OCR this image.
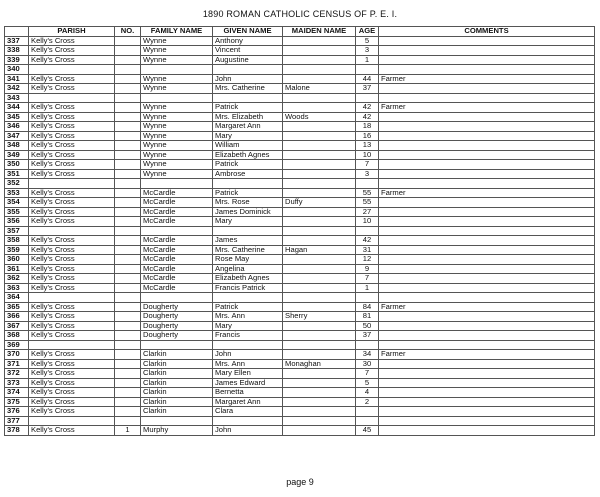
1890 ROMAN CATHOLIC CENSUS OF P. E. I.
	PARISH	NO.	FAMILY NAME	GIVEN NAME	MAIDEN NAME	AGE	COMMENTS
337	Kelly's Cross		Wynne	Anthony		5	
338	Kelly's Cross		Wynne	Vincent		3	
339	Kelly's Cross		Wynne	Augustine		1	
340							
341	Kelly's Cross		Wynne	John		44	Farmer
342	Kelly's Cross		Wynne	Mrs. Catherine	Malone	37	
343							
344	Kelly's Cross		Wynne	Patrick		42	Farmer
345	Kelly's Cross		Wynne	Mrs. Elizabeth	Woods	42	
346	Kelly's Cross		Wynne	Margaret Ann		18	
347	Kelly's Cross		Wynne	Mary		16	
348	Kelly's Cross		Wynne	William		13	
349	Kelly's Cross		Wynne	Elizabeth Agnes		10	
350	Kelly's Cross		Wynne	Patrick		7	
351	Kelly's Cross		Wynne	Ambrose		3	
352							
353	Kelly's Cross		McCardle	Patrick		55	Farmer
354	Kelly's Cross		McCardle	Mrs. Rose	Duffy	55	
355	Kelly's Cross		McCardle	James Dominick		27	
356	Kelly's Cross		McCardle	Mary		10	
357							
358	Kelly's Cross		McCardle	James		42	
359	Kelly's Cross		McCardle	Mrs. Catherine	Hagan	31	
360	Kelly's Cross		McCardle	Rose May		12	
361	Kelly's Cross		McCardle	Angelina		9	
362	Kelly's Cross		McCardle	Elizabeth Agnes		7	
363	Kelly's Cross		McCardle	Francis Patrick		1	
364							
365	Kelly's Cross		Dougherty	Patrick		84	Farmer
366	Kelly's Cross		Dougherty	Mrs. Ann	Sherry	81	
367	Kelly's Cross		Dougherty	Mary		50	
368	Kelly's Cross		Dougherty	Francis		37	
369							
370	Kelly's Cross		Clarkin	John		34	Farmer
371	Kelly's Cross		Clarkin	Mrs. Ann	Monaghan	30	
372	Kelly's Cross		Clarkin	Mary Ellen		7	
373	Kelly's Cross		Clarkin	James Edward		5	
374	Kelly's Cross		Clarkin	Bernetta		4	
375	Kelly's Cross		Clarkin	Margaret Ann		2	
376	Kelly's Cross		Clarkin	Clara			
377							
378	Kelly's Cross	1	Murphy	John		45	
page 9
